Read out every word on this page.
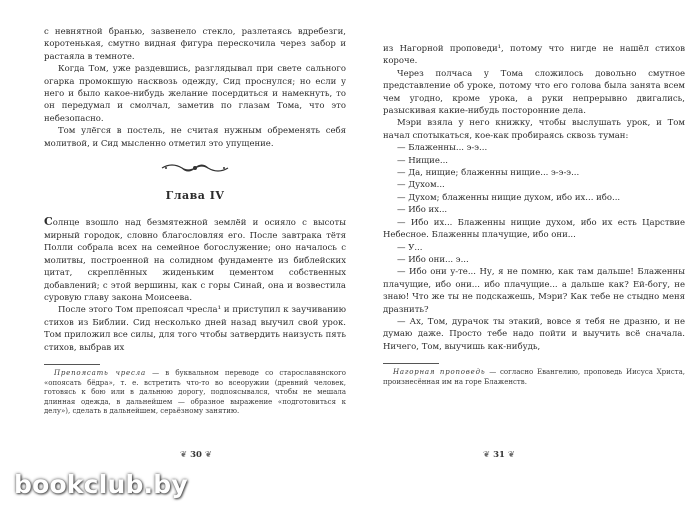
с невнятной бранью, зазвенело стекло, разлетаясь вдребезги, коротенькая, смутно видная фигура перескочила через забор и растаяла в темноте.

Когда Том, уже раздевшись, разглядывал при свете сального огарка промокшую насквозь одежду, Сид проснулся; но если у него и было какое-нибудь желание посердиться и намекнуть, то он передумал и смолчал, заметив по глазам Тома, что это небезопасно.

Том улёгся в постель, не считая нужным обременять себя молитвой, и Сид мысленно отметил это упущение.

Глава IV

Солнце взошло над безмятежной землёй и осияло с высоты мирный городок, словно благословляя его. После завтрака тётя Полли собрала всех на семейное богослужение; оно началось с молитвы, построенной на солидном фундаменте из библейских цитат, скреплённых жиденьким цементом собственных добавлений; с этой вершины, как с горы Синай, она и возвестила суровую главу закона Моисеева.

После этого Том препоясал чресла¹ и приступил к заучиванию стихов из Библии. Сид несколько дней назад выучил свой урок. Том приложил все силы, для того чтобы затвердить наизусть пять стихов, выбрав их

Препоясать чресла — в буквальном переводе со старославянского «опоясать бёдра», т. е. встретить что-то во всеоружии (древний человек, готовясь к бою или в дальнюю дорогу, подпоясывался, чтобы не мешала длинная одежда, в дальнейшем — образное выражение «подготовиться к делу»), сделать в дальнейшем, серьёзному занятию.

❦ 30 ❦

из Нагорной проповеди¹, потому что нигде не нашёл стихов короче.

Через полчаса у Тома сложилось довольно смутное представление об уроке, потому что его голова была занята всем чем угодно, кроме урока, а руки непрерывно двигались, разыскивая какие-нибудь посторонние дела.

Мэри взяла у него книжку, чтобы выслушать урок, и Том начал спотыкаться, кое-как пробираясь сквозь туман:

— Блаженны... э-э...

— Нищие...

— Да, нищие; блаженны нищие... э-э-э...

— Духом...

— Духом; блаженны нищие духом, ибо их... ибо...

— Ибо их...

— Ибо их... Блаженны нищие духом, ибо их есть Царствие Небесное. Блаженны плачущие, ибо они...

— У...

— Ибо они... э...

— Ибо они у-те... Ну, я не помню, как там дальше! Блаженны плачущие, ибо они... ибо плачущие... а дальше как? Ей-богу, не знаю! Что же ты не подскажешь, Мэри? Как тебе не стыдно меня дразнить?

— Ах, Том, дурачок ты этакий, вовсе я тебя не дразню, и не думаю даже. Просто тебе надо пойти и выучить всё сначала. Ничего, Том, выучишь как-нибудь,

Нагорная проповедь — согласно Евангелию, проповедь Иисуса Христа, произнесённая им на горе Блаженств.

❦ 31 ❦
bookclub.by
